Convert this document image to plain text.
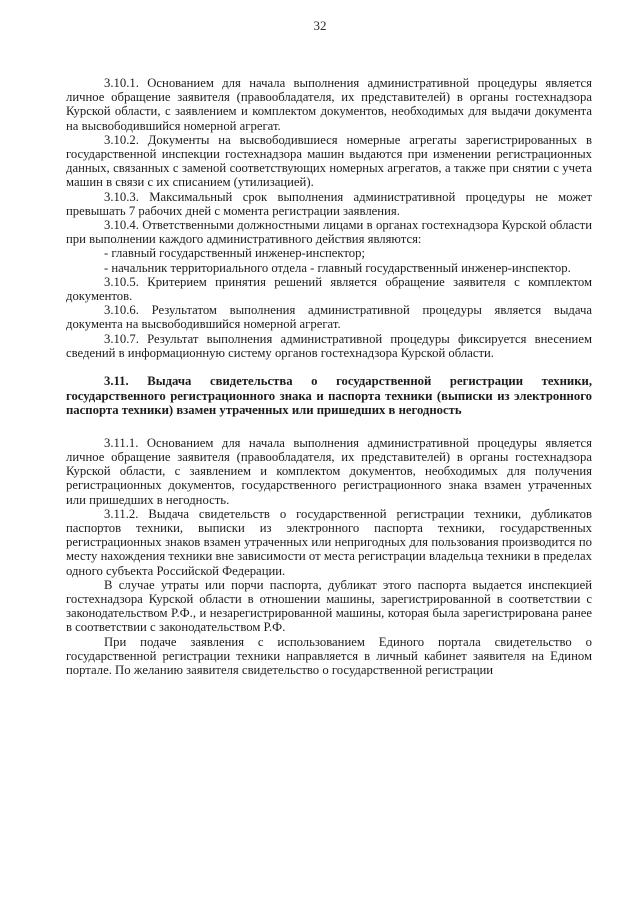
32

3.10.1. Основанием для начала выполнения административной процедуры является личное обращение заявителя (правообладателя, их представителей) в органы гостехнадзора Курской области, с заявлением и комплектом документов, необходимых для выдачи документа на высвободившийся номерной агрегат.

3.10.2. Документы на высвободившиеся номерные агрегаты зарегистрированных в государственной инспекции гостехнадзора машин выдаются при изменении регистрационных данных, связанных с заменой соответствующих номерных агрегатов, а также при снятии с учета машин в связи с их списанием (утилизацией).

3.10.3. Максимальный срок выполнения административной процедуры не может превышать 7 рабочих дней с момента регистрации заявления.

3.10.4. Ответственными должностными лицами в органах гостехнадзора Курской области при выполнении каждого административного действия являются:

- главный государственный инженер-инспектор;

- начальник территориального отдела - главный государственный инженер-инспектор.

3.10.5. Критерием принятия решений является обращение заявителя с комплектом документов.

3.10.6. Результатом выполнения административной процедуры является выдача документа на высвободившийся номерной агрегат.

3.10.7. Результат выполнения административной процедуры фиксируется внесением сведений в информационную систему органов гостехнадзора Курской области.

3.11. Выдача свидетельства о государственной регистрации техники, государственного регистрационного знака и паспорта техники (выписки из электронного паспорта техники) взамен утраченных или пришедших в негодность

3.11.1. Основанием для начала выполнения административной процедуры является личное обращение заявителя (правообладателя, их представителей) в органы гостехнадзора Курской области, с заявлением и комплектом документов, необходимых для получения регистрационных документов, государственного регистрационного знака взамен утраченных или пришедших в негодность.

3.11.2. Выдача свидетельств о государственной регистрации техники, дубликатов паспортов техники, выписки из электронного паспорта техники, государственных регистрационных знаков взамен утраченных или непригодных для пользования производится по месту нахождения техники вне зависимости от места регистрации владельца техники в пределах одного субъекта Российской Федерации.

В случае утраты или порчи паспорта, дубликат этого паспорта выдается инспекцией гостехнадзора Курской области в отношении машины, зарегистрированной в соответствии с законодательством Р.Ф., и незарегистрированной машины, которая была зарегистрирована ранее в соответствии с законодательством Р.Ф.

При подаче заявления с использованием Единого портала свидетельство о государственной регистрации техники направляется в личный кабинет заявителя на Едином портале. По желанию заявителя свидетельство о государственной регистрации
